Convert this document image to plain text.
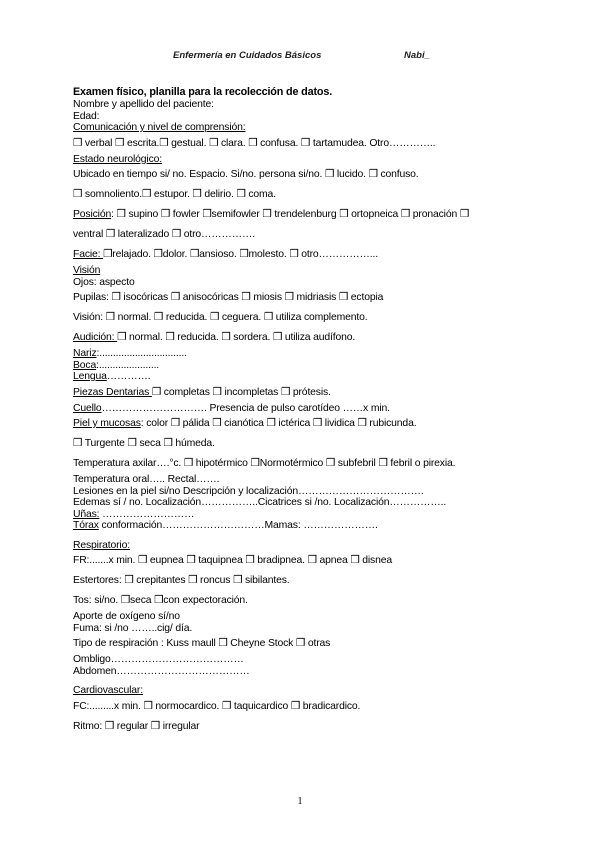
Enfermería en Cuidados Básicos	Nabi_
Examen físico, planilla para la recolección de datos.
Nombre y apellido del paciente:
Edad:
Comunicación y nivel de comprensión:
❒ verbal ❒ escrita.❒ gestual. ❒ clara. ❒ confusa. ❒ tartamudea. Otro…………..
Estado neurológico:
Ubicado en tiempo si/ no. Espacio. Si/no. persona si/no. ❒ lucido. ❒ confuso.
❒ somnoliento.❒ estupor. ❒ delirio. ❒ coma.
Posición: ❒ supino ❒ fowler ❒semifowler ❒ trendelenburg ❒ ortopneica ❒ pronación ❒
ventral ❒ lateralizado ❒ otro…………….
Facie: ❒relajado. ❒dolor. ❒ansioso. ❒molesto. ❒ otro……………...
Visión
Ojos: aspecto
Pupilas: ❒ isocóricas ❒ anisocóricas ❒ miosis ❒ midriasis ❒ ectopia
Visión: ❒ normal. ❒ reducida. ❒ ceguera. ❒ utiliza complemento.
Audición: ❒ normal. ❒ reducida. ❒ sordera. ❒ utiliza audífono.
Nariz:................................
Boca:......................
Lengua………….
Piezas Dentarias ❒ completas ❒ incompletas ❒ prótesis.
Cuello…………………………. Presencia de pulso carotídeo ……x min.
Piel y mucosas: color ❒ pálida ❒ cianótica ❒ ictérica ❒ lividica ❒ rubicunda.
❒ Turgente ❒ seca ❒ húmeda.
Temperatura axilar….°c. ❒ hipotérmico ❒Normotérmico ❒ subfebril ❒ febril o pirexia.
Temperatura oral….. Rectal…….
Lesiones en la piel si/no Descripción y localización……………………………….
Edemas sí / no. Localización……………..Cicatrices si /no. Localización……………..
Uñas: ………………………
Tórax conformación…………………………Mamas: ………………….
Respiratorio:
FR:.......x min. ❒ eupnea ❒ taquipnea ❒ bradipnea. ❒ apnea ❒ disnea
Estertores: ❒ crepitantes ❒ roncus ❒ sibilantes.
Tos: si/no. ❒seca ❒con expectoración.
Aporte de oxígeno sí/no
Fuma: si /no ……..cig/ día.
Tipo de respiración : Kuss maull ❒ Cheyne Stock ❒ otras
Ombligo…………………………………
Abdomen…………………………………
Cardiovascular:
FC:.........x min. ❒ normocardico. ❒ taquicardico ❒ bradicardico.
Ritmo: ❒ regular ❒ irregular
1
